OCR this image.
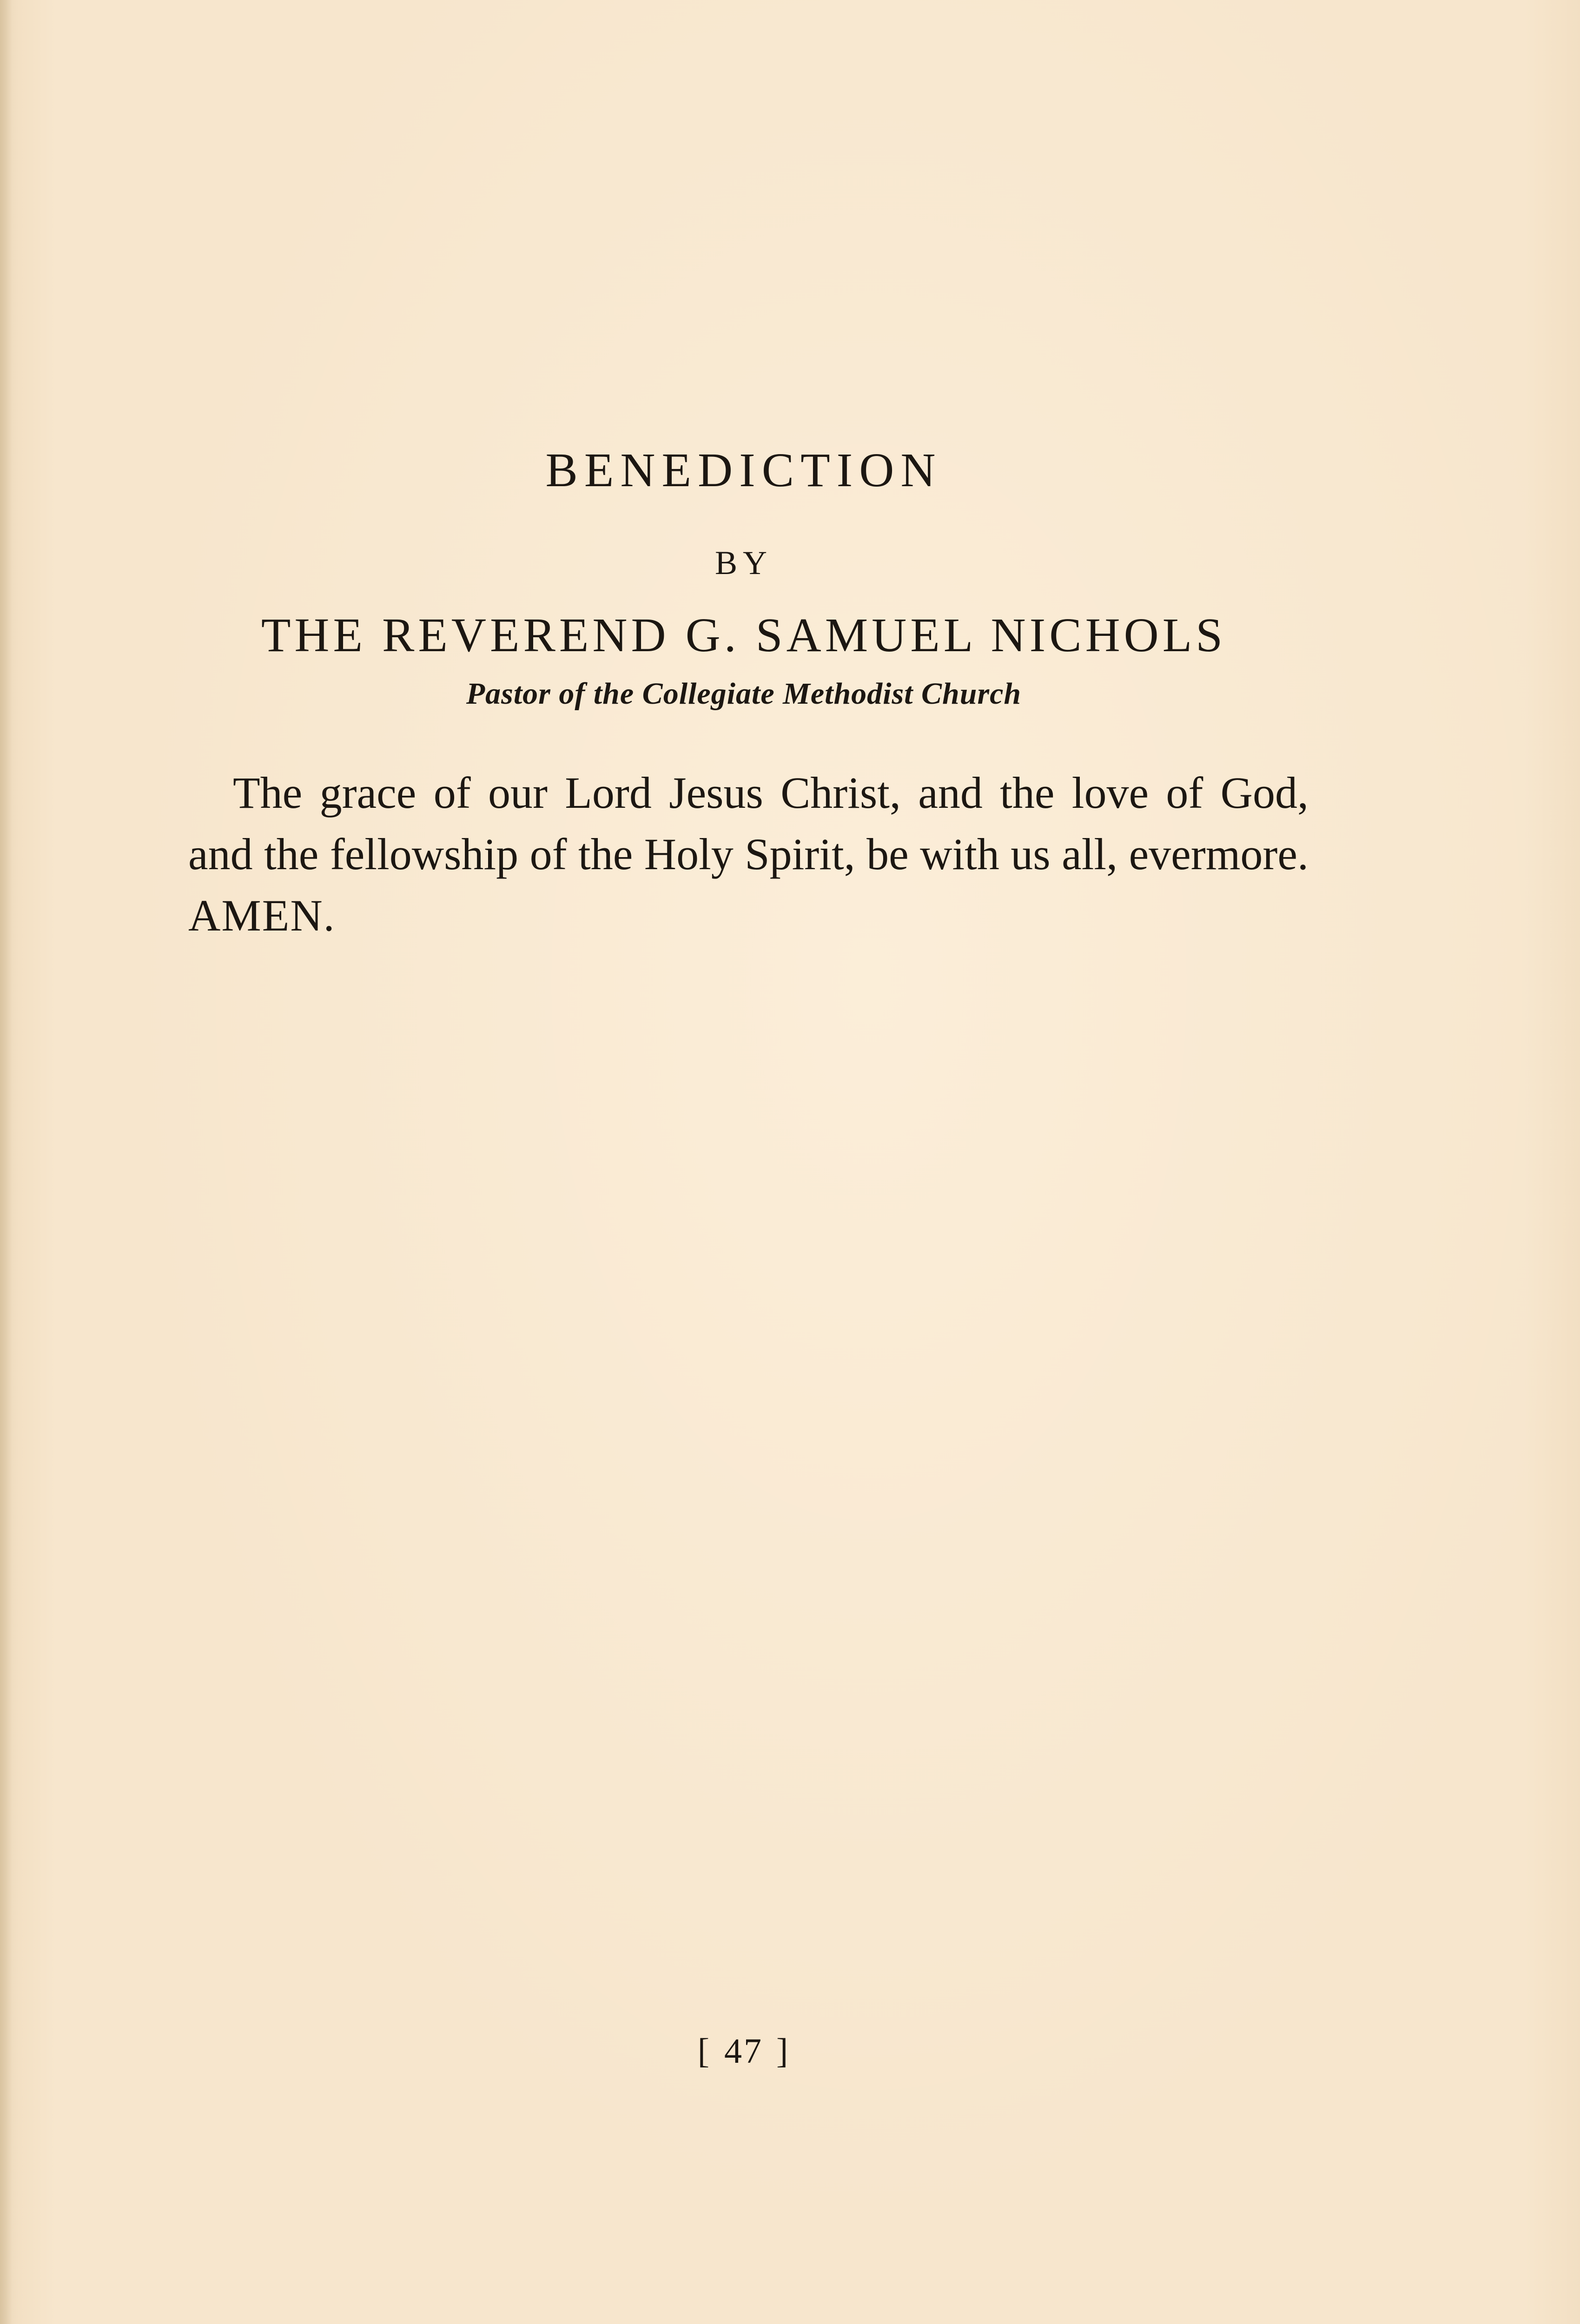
BENEDICTION
BY
THE REVEREND G. SAMUEL NICHOLS
Pastor of the Collegiate Methodist Church

The grace of our Lord Jesus Christ, and the love of God, and the fellowship of the Holy Spirit, be with us all, evermore. AMEN.

[ 47 ]
